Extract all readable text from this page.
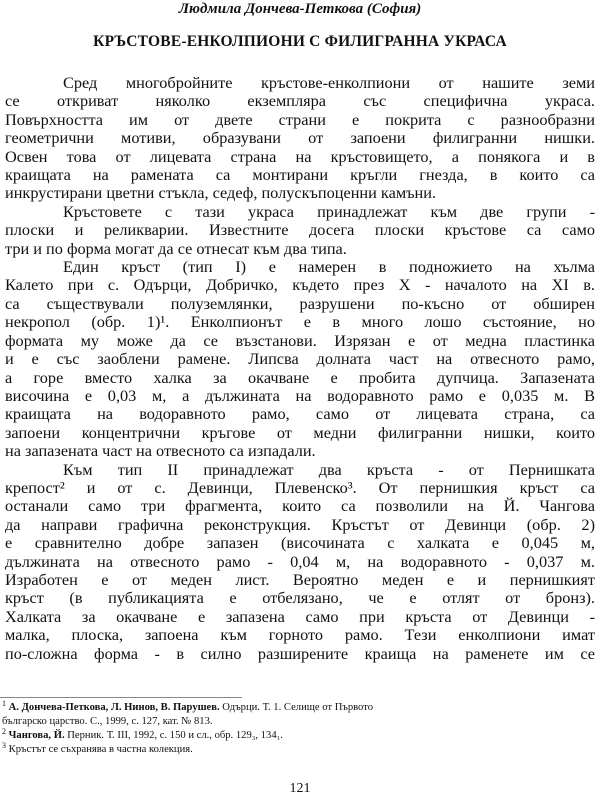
Людмила Дончева-Петкова (София)
КРЪСТОВЕ-ЕНКОЛПИОНИ С ФИЛИГРАННА УКРАСА
Сред многобройните кръстове-енколпиони от нашите земи
се откриват няколко екземпляра със специфична украса.
Повърхността им от двете страни е покрита с разнообразни
геометрични мотиви, образувани от запоени филигранни нишки.
Освен това от лицевата страна на кръстовището, а понякога и в
краищата на рамената са монтирани кръгли гнезда, в които са
инкрустирани цветни стъкла, седеф, полускъпоценни камъни.
Кръстовете с тази украса принадлежат към две групи -
плоски и реликварии. Известните досега плоски кръстове са само
три и по форма могат да се отнесат към два типа.
Един кръст (тип I) е намерен в подножието на хълма
Калето при с. Одърци, Добричко, където през Х - началото на XI в.
са съществували полуземлянки, разрушени по-късно от обширен
некропол (обр. 1)¹. Енколпионът е в много лошо състояние, но
формата му може да се възстанови. Изрязан е от медна пластинка
и е със заоблени рамене. Липсва долната част на отвесното рамо,
а горе вместо халка за окачване е пробита дупчица. Запазената
височина е 0,03 м, а дължината на водоравното рамо е 0,035 м. В
краищата на водоравното рамо, само от лицевата страна, са
запоени концентрични кръгове от медни филигранни нишки, които
на запазената част на отвесното са изпадали.
Към тип II принадлежат два кръста - от Пернишката
крепост² и от с. Девинци, Плевенско³. От пернишкия кръст са
останали само три фрагмента, които са позволили на Й. Чангова
да направи графична реконструкция. Кръстът от Девинци (обр. 2)
е сравнително добре запазен (височината с халката е 0,045 м,
дължината на отвесното рамо - 0,04 м, на водоравното - 0,037 м.
Изработен е от меден лист. Вероятно меден е и пернишкият
кръст (в публикацията е отбелязано, че е отлят от бронз).
Халката за окачване е запазена само при кръста от Девинци -
малка, плоска, запоена към горното рамо. Тези енколпиони имат
по-сложна форма - в силно разширените краища на раменете им се
$^1$ А. Дончева-Петкова, Л. Нинов, В. Парушев. Одърци. Т. 1. Селище от Първото
българско царство. С., 1999, с. 127, кат. № 813.
$^2$ Чангова, Й. Перник. Т. III, 1992, с. 150 и сл., обр. 129₃, 134₁.
$^3$ Кръстът се съхранява в частна колекция.
121
